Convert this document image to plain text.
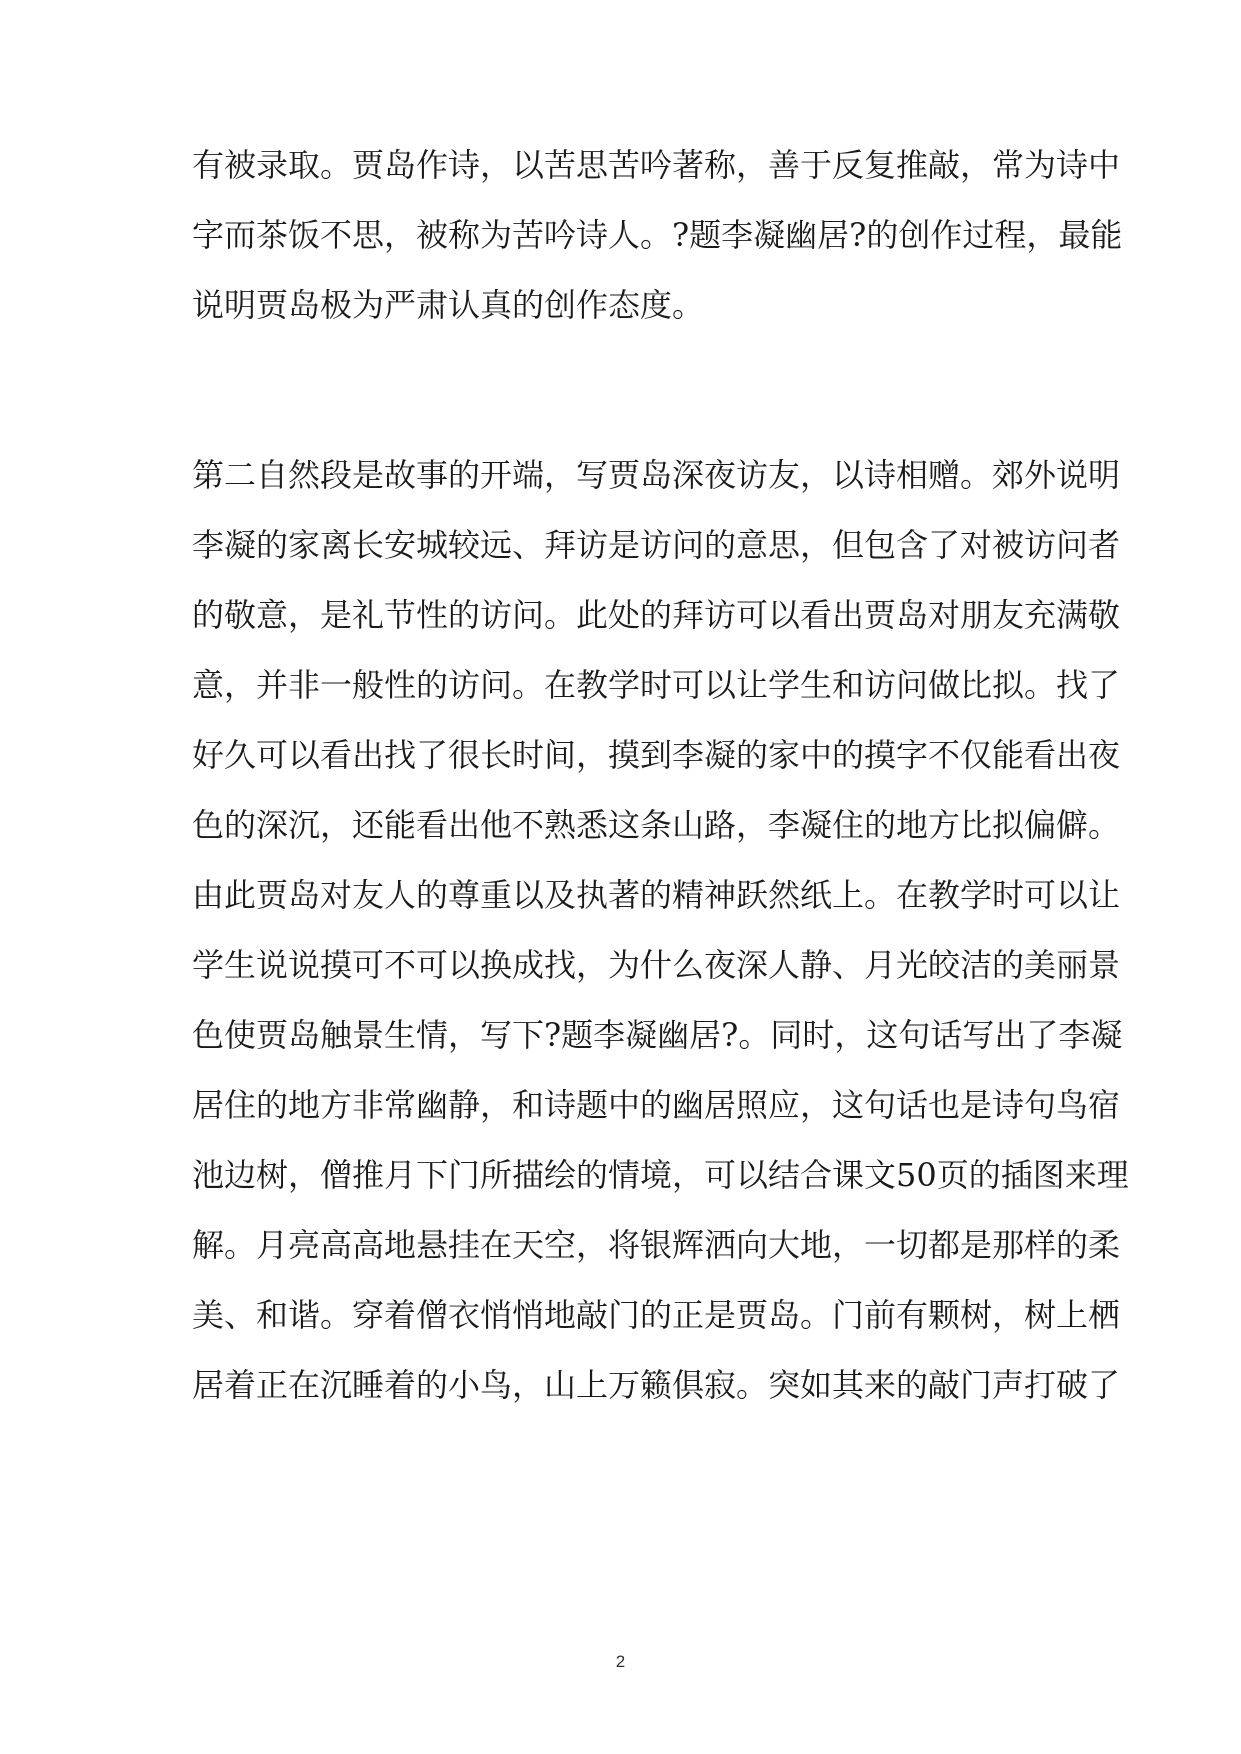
有被录取。贾岛作诗，以苦思苦吟著称，善于反复推敲，常为诗中
字而茶饭不思，被称为苦吟诗人。?题李凝幽居?的创作过程，最能
说明贾岛极为严肃认真的创作态度。
第二自然段是故事的开端，写贾岛深夜访友，以诗相赠。郊外说明
李凝的家离长安城较远、拜访是访问的意思，但包含了对被访问者
的敬意，是礼节性的访问。此处的拜访可以看出贾岛对朋友充满敬
意，并非一般性的访问。在教学时可以让学生和访问做比拟。找了
好久可以看出找了很长时间，摸到李凝的家中的摸字不仅能看出夜
色的深沉，还能看出他不熟悉这条山路，李凝住的地方比拟偏僻。
由此贾岛对友人的尊重以及执著的精神跃然纸上。在教学时可以让
学生说说摸可不可以换成找，为什么夜深人静、月光皎洁的美丽景
色使贾岛触景生情，写下?题李凝幽居?。同时，这句话写出了李凝
居住的地方非常幽静，和诗题中的幽居照应，这句话也是诗句鸟宿
池边树，僧推月下门所描绘的情境，可以结合课文50页的插图来理
解。月亮高高地悬挂在天空，将银辉洒向大地，一切都是那样的柔
美、和谐。穿着僧衣悄悄地敲门的正是贾岛。门前有颗树，树上栖
居着正在沉睡着的小鸟，山上万籁俱寂。突如其来的敲门声打破了
2
